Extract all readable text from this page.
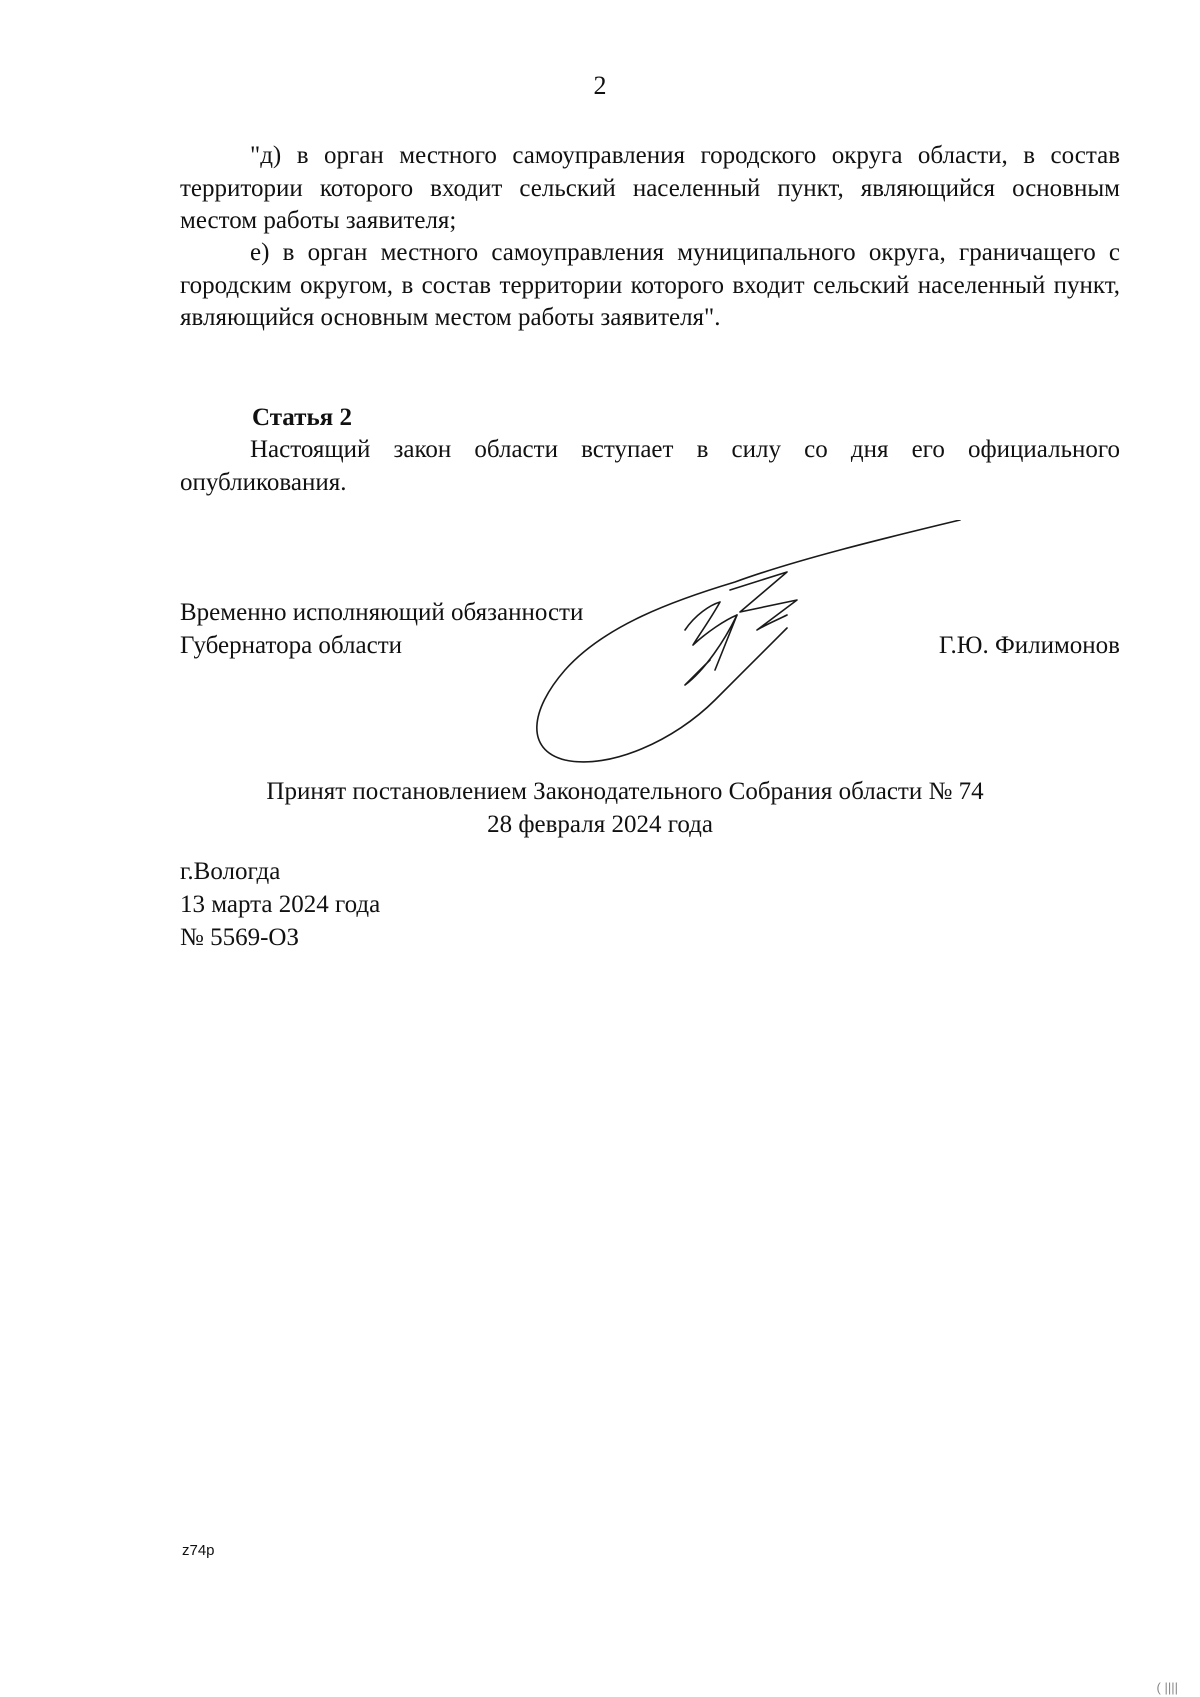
2
"д) в орган местного самоуправления городского округа области, в состав территории которого входит сельский населенный пункт, являющийся основным местом работы заявителя;
е) в орган местного самоуправления муниципального округа, граничащего с городским округом, в состав территории которого входит сельский населенный пункт, являющийся основным местом работы заявителя".
Статья 2
Настоящий закон области вступает в силу со дня его официального опубликования.
Временно исполняющий обязанности
Губернатора области	Г.Ю. Филимонов
Принят постановлением Законодательного Собрания области № 74
28 февраля 2024 года
г.Вологда
13 марта 2024 года
№ 5569-ОЗ
z74p
( ||||
